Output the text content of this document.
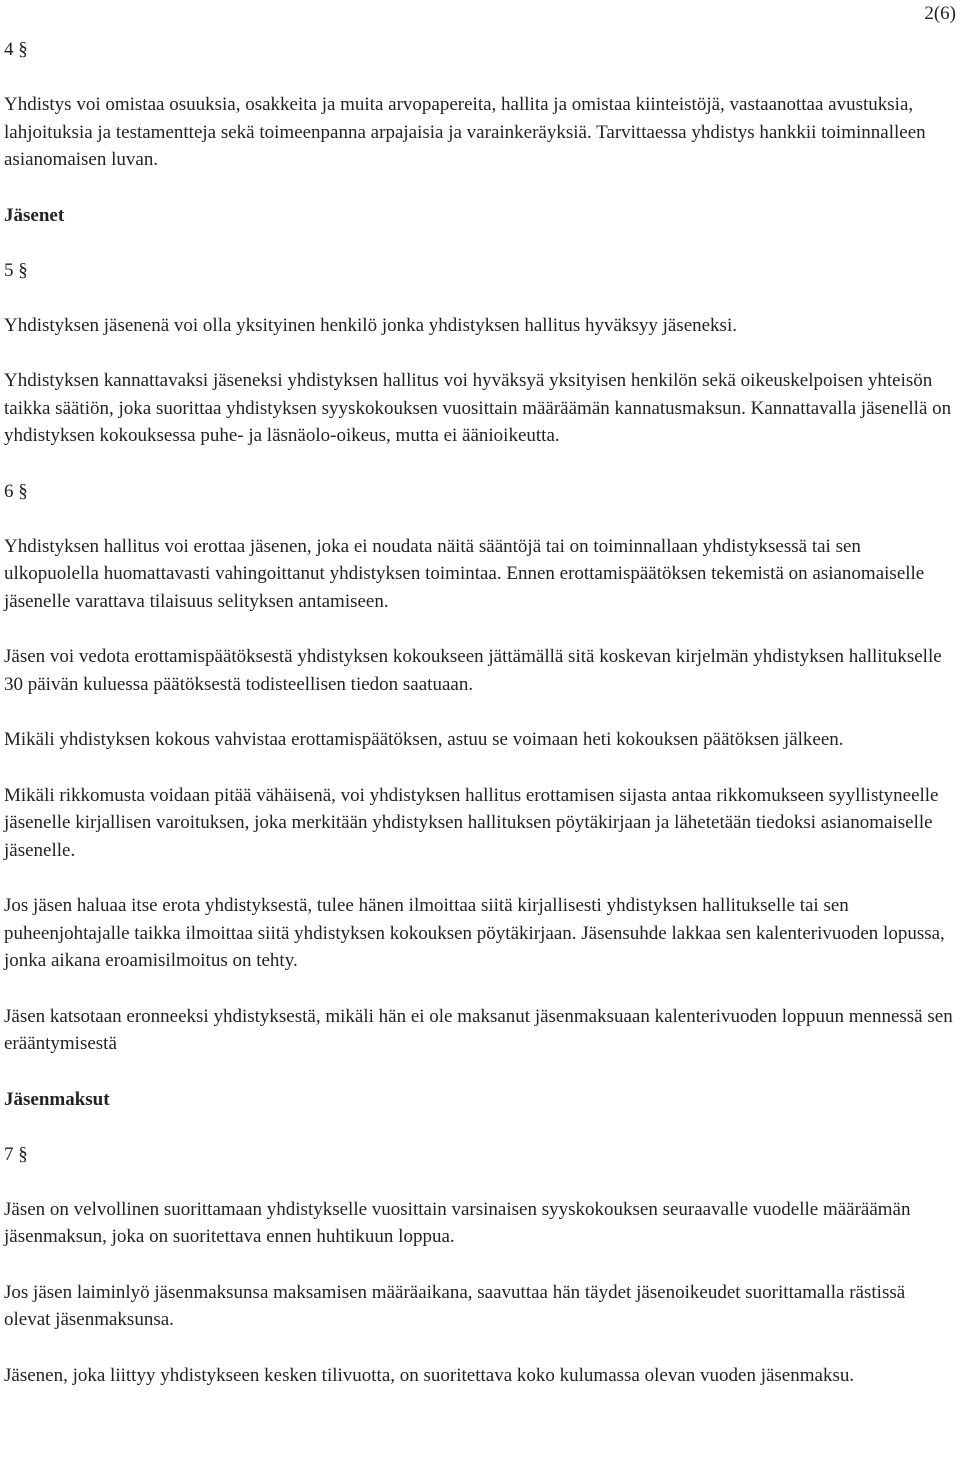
2(6)
4 §

Yhdistys voi omistaa osuuksia, osakkeita ja muita arvopapereita, hallita ja omistaa kiinteistöjä, vastaanottaa avustuksia, lahjoituksia ja testamentteja sekä toimeenpanna arpajaisia ja varainkeräyksiä. Tarvittaessa yhdistys hankkii toiminnalleen asianomaisen luvan.

Jäsenet
5 §

Yhdistyksen jäsenenä voi olla yksityinen henkilö jonka yhdistyksen hallitus hyväksyy jäseneksi.

Yhdistyksen kannattavaksi jäseneksi yhdistyksen hallitus voi hyväksyä yksityisen henkilön sekä oikeuskelpoisen yhteisön taikka säätiön, joka suorittaa yhdistyksen syyskokouksen vuosittain määräämän kannatusmaksun. Kannattavalla jäsenellä on yhdistyksen kokouksessa puhe- ja läsnäolo-oikeus, mutta ei äänioikeutta.

6 §

Yhdistyksen hallitus voi erottaa jäsenen, joka ei noudata näitä sääntöjä tai on toiminnallaan yhdistyksessä tai sen ulkopuolella huomattavasti vahingoittanut yhdistyksen toimintaa. Ennen erottamispäätöksen tekemistä on asianomaiselle jäsenelle varattava tilaisuus selityksen antamiseen.

Jäsen voi vedota erottamispäätöksestä yhdistyksen kokoukseen jättämällä sitä koskevan kirjelmän yhdistyksen hallitukselle 30 päivän kuluessa päätöksestä todisteellisen tiedon saatuaan.

Mikäli yhdistyksen kokous vahvistaa erottamispäätöksen, astuu se voimaan heti kokouksen päätöksen jälkeen.

Mikäli rikkomusta voidaan pitää vähäisenä, voi yhdistyksen hallitus erottamisen sijasta antaa rikkomukseen syyllistyneelle jäsenelle kirjallisen varoituksen, joka merkitään yhdistyksen hallituksen pöytäkirjaan ja lähetetään tiedoksi asianomaiselle jäsenelle.

Jos jäsen haluaa itse erota yhdistyksestä, tulee hänen ilmoittaa siitä kirjallisesti yhdistyksen hallitukselle tai sen puheenjohtajalle taikka ilmoittaa siitä yhdistyksen kokouksen pöytäkirjaan. Jäsensuhde lakkaa sen kalenterivuoden lopussa, jonka aikana eroamisilmoitus on tehty.

Jäsen katsotaan eronneeksi yhdistyksestä, mikäli hän ei ole maksanut jäsenmaksuaan kalenterivuoden loppuun mennessä sen erääntymisestä

Jäsenmaksut
7 §

Jäsen on velvollinen suorittamaan yhdistykselle vuosittain varsinaisen syyskokouksen seuraavalle vuodelle määräämän jäsenmaksun, joka on suoritettava ennen huhtikuun loppua.

Jos jäsen laiminlyö jäsenmaksunsa maksamisen määräaikana, saavuttaa hän täydet jäsenoikeudet suorittamalla rästissä olevat jäsenmaksunsa.

Jäsenen, joka liittyy yhdistykseen kesken tilivuotta, on suoritettava koko kulumassa olevan vuoden jäsenmaksu.
